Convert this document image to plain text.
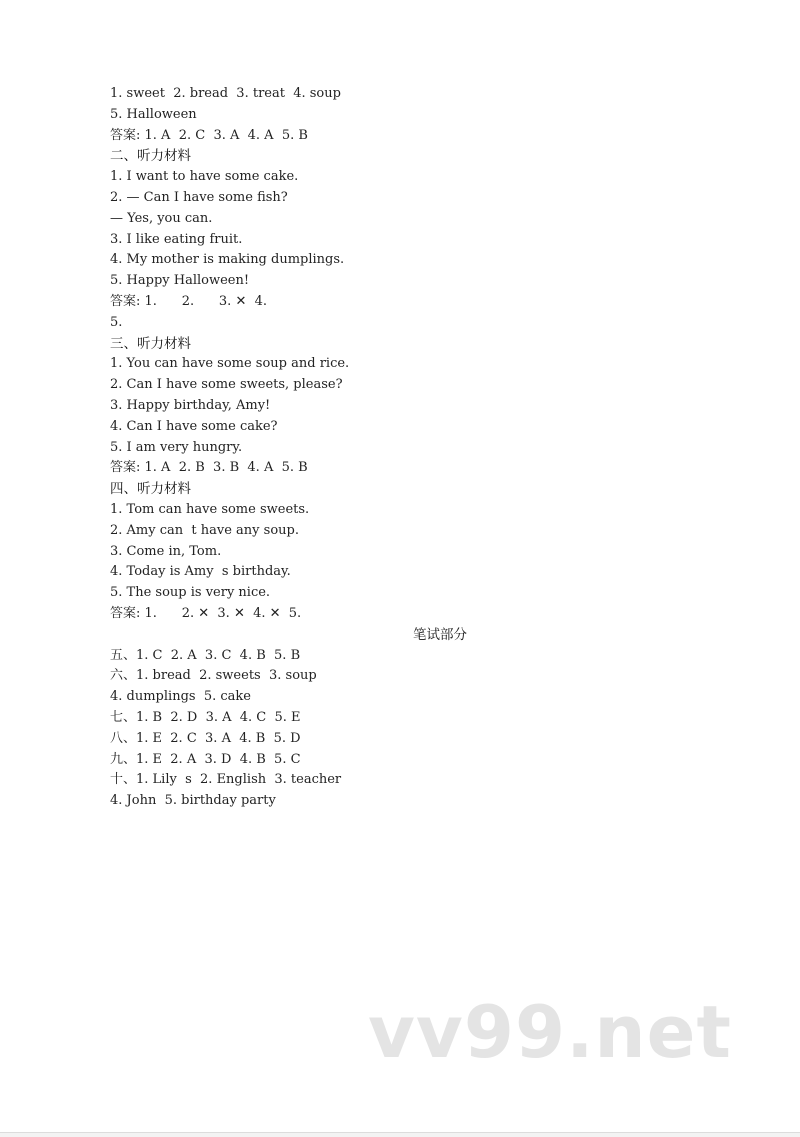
1. sweet  2. bread  3. treat  4. soup
5. Halloween
答案: 1. A  2. C  3. A  4. A  5. B
二、听力材料
1. I want to have some cake.
2. — Can I have some fish?
— Yes, you can.
3. I like eating fruit.
4. My mother is making dumplings.
5. Happy Halloween!
答案: 1.      2.      3. ✕  4.
5.
三、听力材料
1. You can have some soup and rice.
2. Can I have some sweets, please?
3. Happy birthday, Amy!
4. Can I have some cake?
5. I am very hungry.
答案: 1. A  2. B  3. B  4. A  5. B
四、听力材料
1. Tom can have some sweets.
2. Amy can  t have any soup.
3. Come in, Tom.
4. Today is Amy  s birthday.
5. The soup is very nice.
答案: 1.      2. ✕  3. ✕  4. ✕  5.
笔试部分
五、1. C  2. A  3. C  4. B  5. B
六、1. bread  2. sweets  3. soup
4. dumplings  5. cake
七、1. B  2. D  3. A  4. C  5. E
八、1. E  2. C  3. A  4. B  5. D
九、1. E  2. A  3. D  4. B  5. C
十、1. Lily  s  2. English  3. teacher
4. John  5. birthday party
vv99.net
